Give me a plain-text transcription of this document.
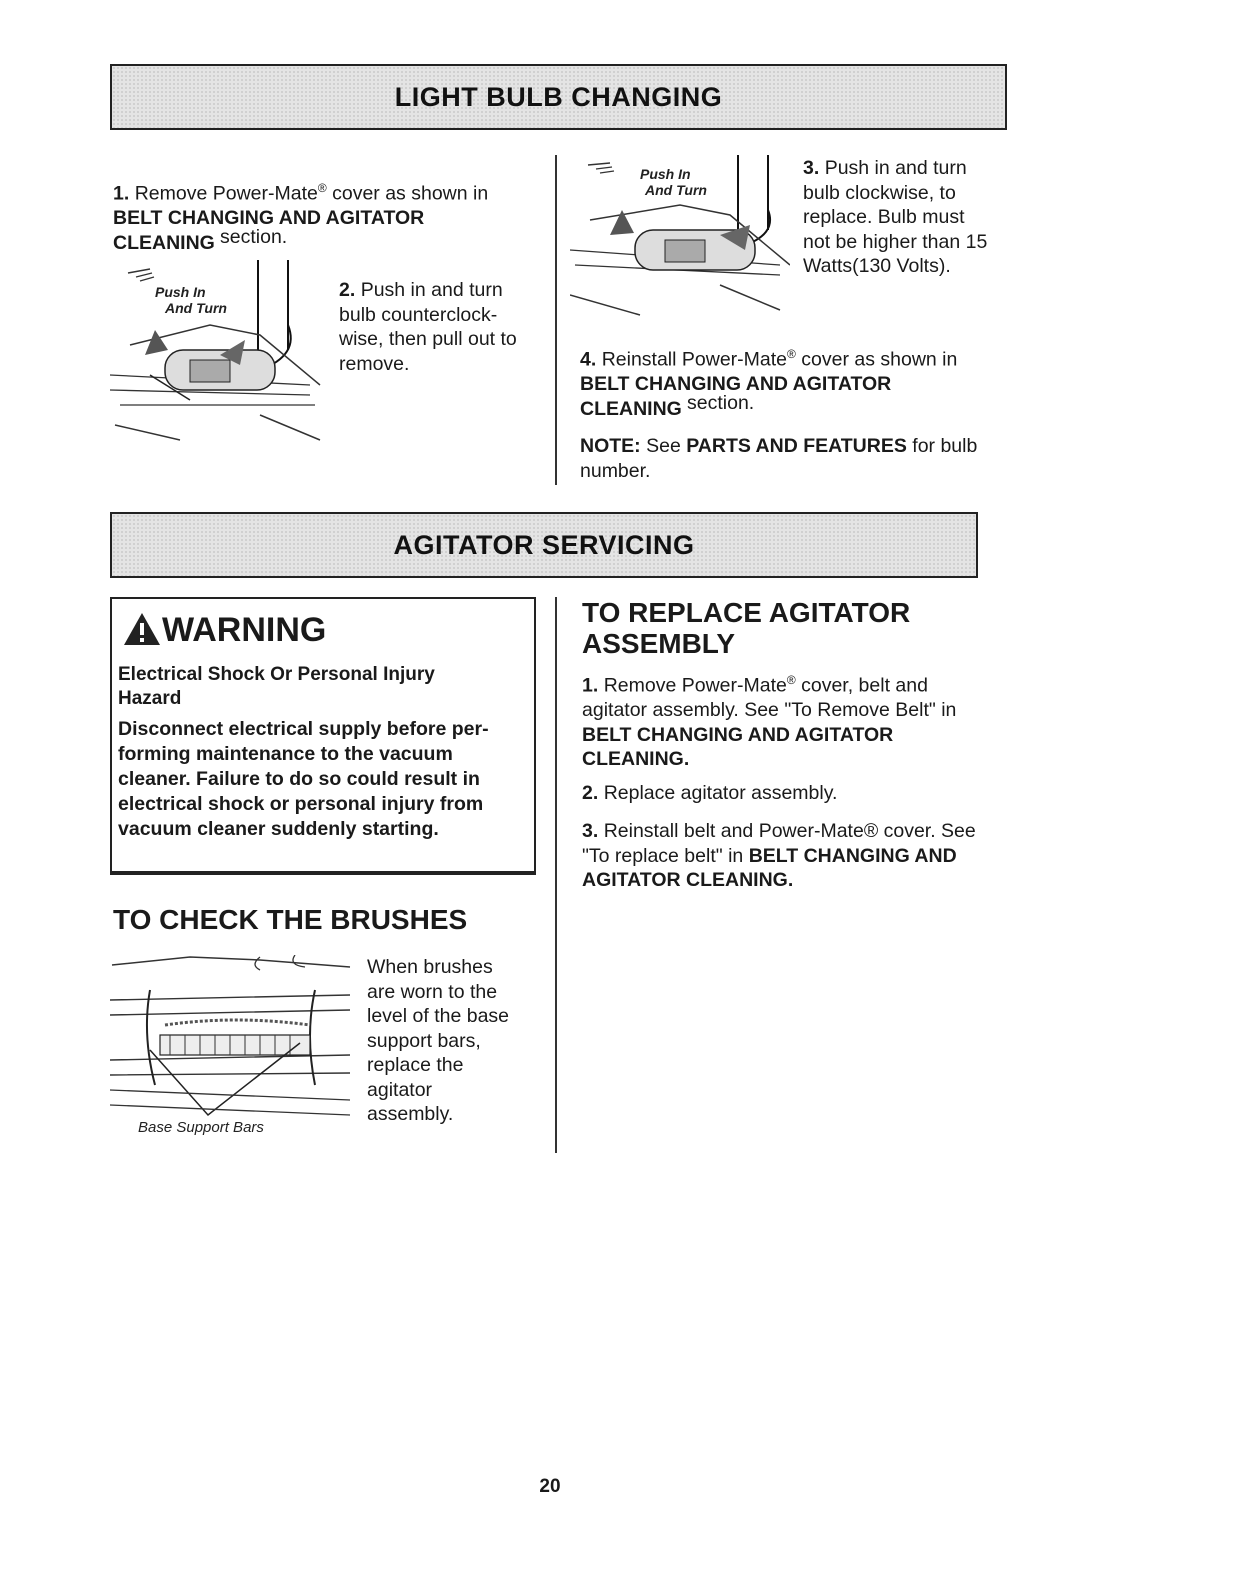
LIGHT BULB CHANGING

1. Remove Power-Mate® cover as shown in
BELT CHANGING AND AGITATOR CLEANING section.

Push In
And Turn

2. Push in and turn bulb counterclock-wise, then pull out to remove.

Push In
And Turn

3. Push in and turn bulb clockwise, to replace. Bulb must not be higher than 15 Watts(130 Volts).

4. Reinstall Power-Mate® cover as shown in
BELT CHANGING AND AGITATOR CLEANING section.

NOTE: See PARTS AND FEATURES for bulb number.

AGITATOR SERVICING
WARNING
Electrical Shock Or Personal Injury Hazard
Disconnect electrical supply before per-forming maintenance to the vacuum cleaner. Failure to do so could result in electrical shock or personal injury from vacuum cleaner suddenly starting.
TO REPLACE AGITATOR ASSEMBLY

1. Remove Power-Mate® cover, belt and agitator assembly. See "To Remove Belt" in
BELT CHANGING AND AGITATOR CLEANING.

2. Replace agitator assembly.

3. Reinstall belt and Power-Mate® cover. See "To replace belt" in BELT CHANGING AND AGITATOR CLEANING.

TO CHECK THE BRUSHES
Base Support Bars

When brushes are worn to the level of the base support bars, replace the agitator assembly.

20
